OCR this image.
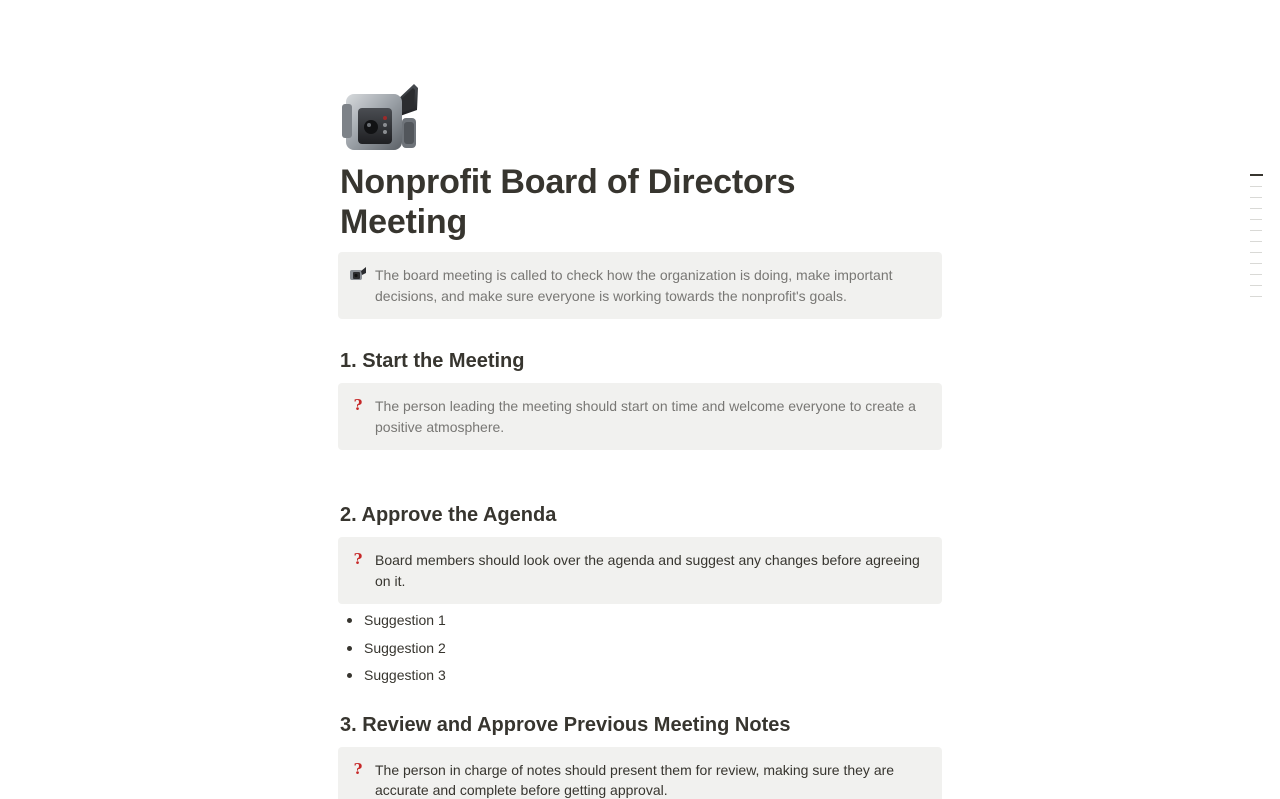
Nonprofit Board of Directors
Meeting
The board meeting is called to check how the organization is doing, make important decisions, and make sure everyone is working towards the nonprofit's goals.
1. Start the Meeting
? The person leading the meeting should start on time and welcome everyone to create a positive atmosphere.
2. Approve the Agenda
? Board members should look over the agenda and suggest any changes before agreeing on it.
Suggestion 1
Suggestion 2
Suggestion 3
3. Review and Approve Previous Meeting Notes
? The person in charge of notes should present them for review, making sure they are accurate and complete before getting approval.
